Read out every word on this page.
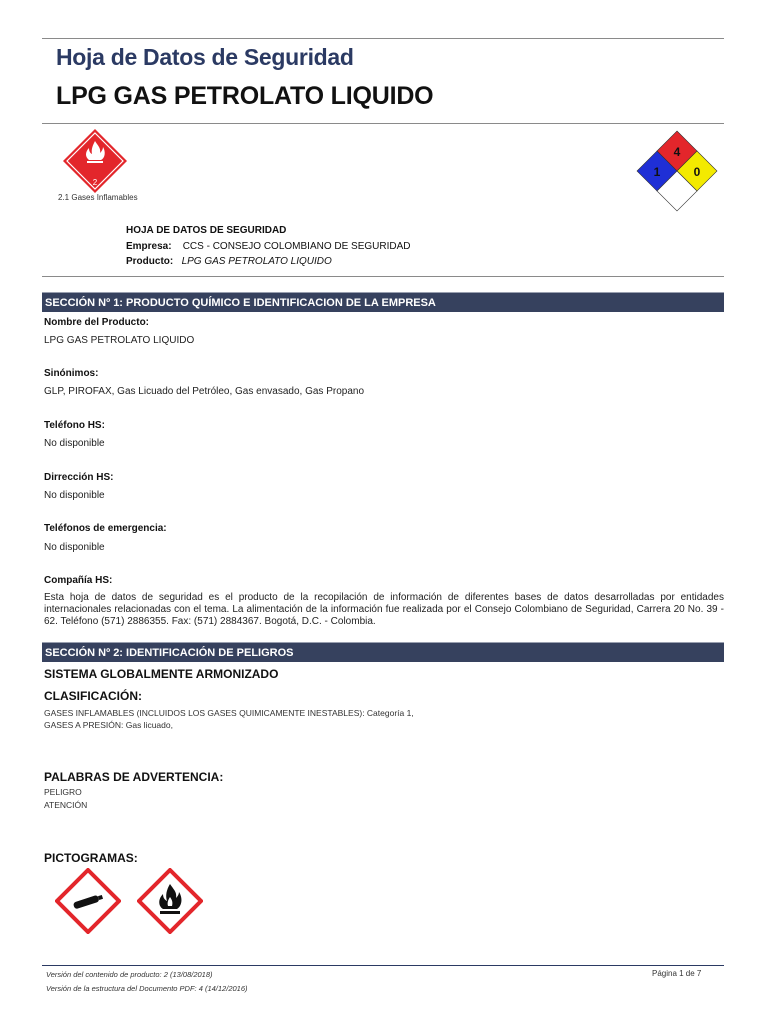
Hoja de Datos de Seguridad
LPG GAS PETROLATO LIQUIDO
2
2.1 Gases Inflamables
4
1	0
HOJA DE DATOS DE SEGURIDAD
Empresa: CCS - CONSEJO COLOMBIANO DE SEGURIDAD
Producto: LPG GAS PETROLATO LIQUIDO
SECCIÓN Nº 1: PRODUCTO QUÍMICO E IDENTIFICACION DE LA EMPRESA
Nombre del Producto:
LPG GAS PETROLATO LIQUIDO
Sinónimos:
GLP, PIROFAX, Gas Licuado del Petróleo, Gas envasado, Gas Propano
Teléfono HS:
No disponible
Dirrección HS:
No disponible
Teléfonos de emergencia:
No disponible
Compañía HS:
Esta hoja de datos de seguridad es el producto de la recopilación de información de diferentes bases de datos desarrolladas por entidades internacionales relacionadas con el tema. La alimentación de la información fue realizada por el Consejo Colombiano de Seguridad, Carrera 20 No. 39 - 62. Teléfono (571) 2886355. Fax: (571) 2884367. Bogotá, D.C. - Colombia.
SECCIÓN Nº 2: IDENTIFICACIÓN DE PELIGROS
SISTEMA GLOBALMENTE ARMONIZADO
CLASIFICACIÓN:
GASES INFLAMABLES (INCLUIDOS LOS GASES QUIMICAMENTE INESTABLES): Categoría 1,
GASES A PRESIÓN: Gas licuado,
PALABRAS DE ADVERTENCIA:
PELIGRO
ATENCIÓN
PICTOGRAMAS:
Versión del contenido de producto: 2 (13/08/2018)
Versión de la estructura del Documento PDF: 4 (14/12/2016)
Página 1 de 7
